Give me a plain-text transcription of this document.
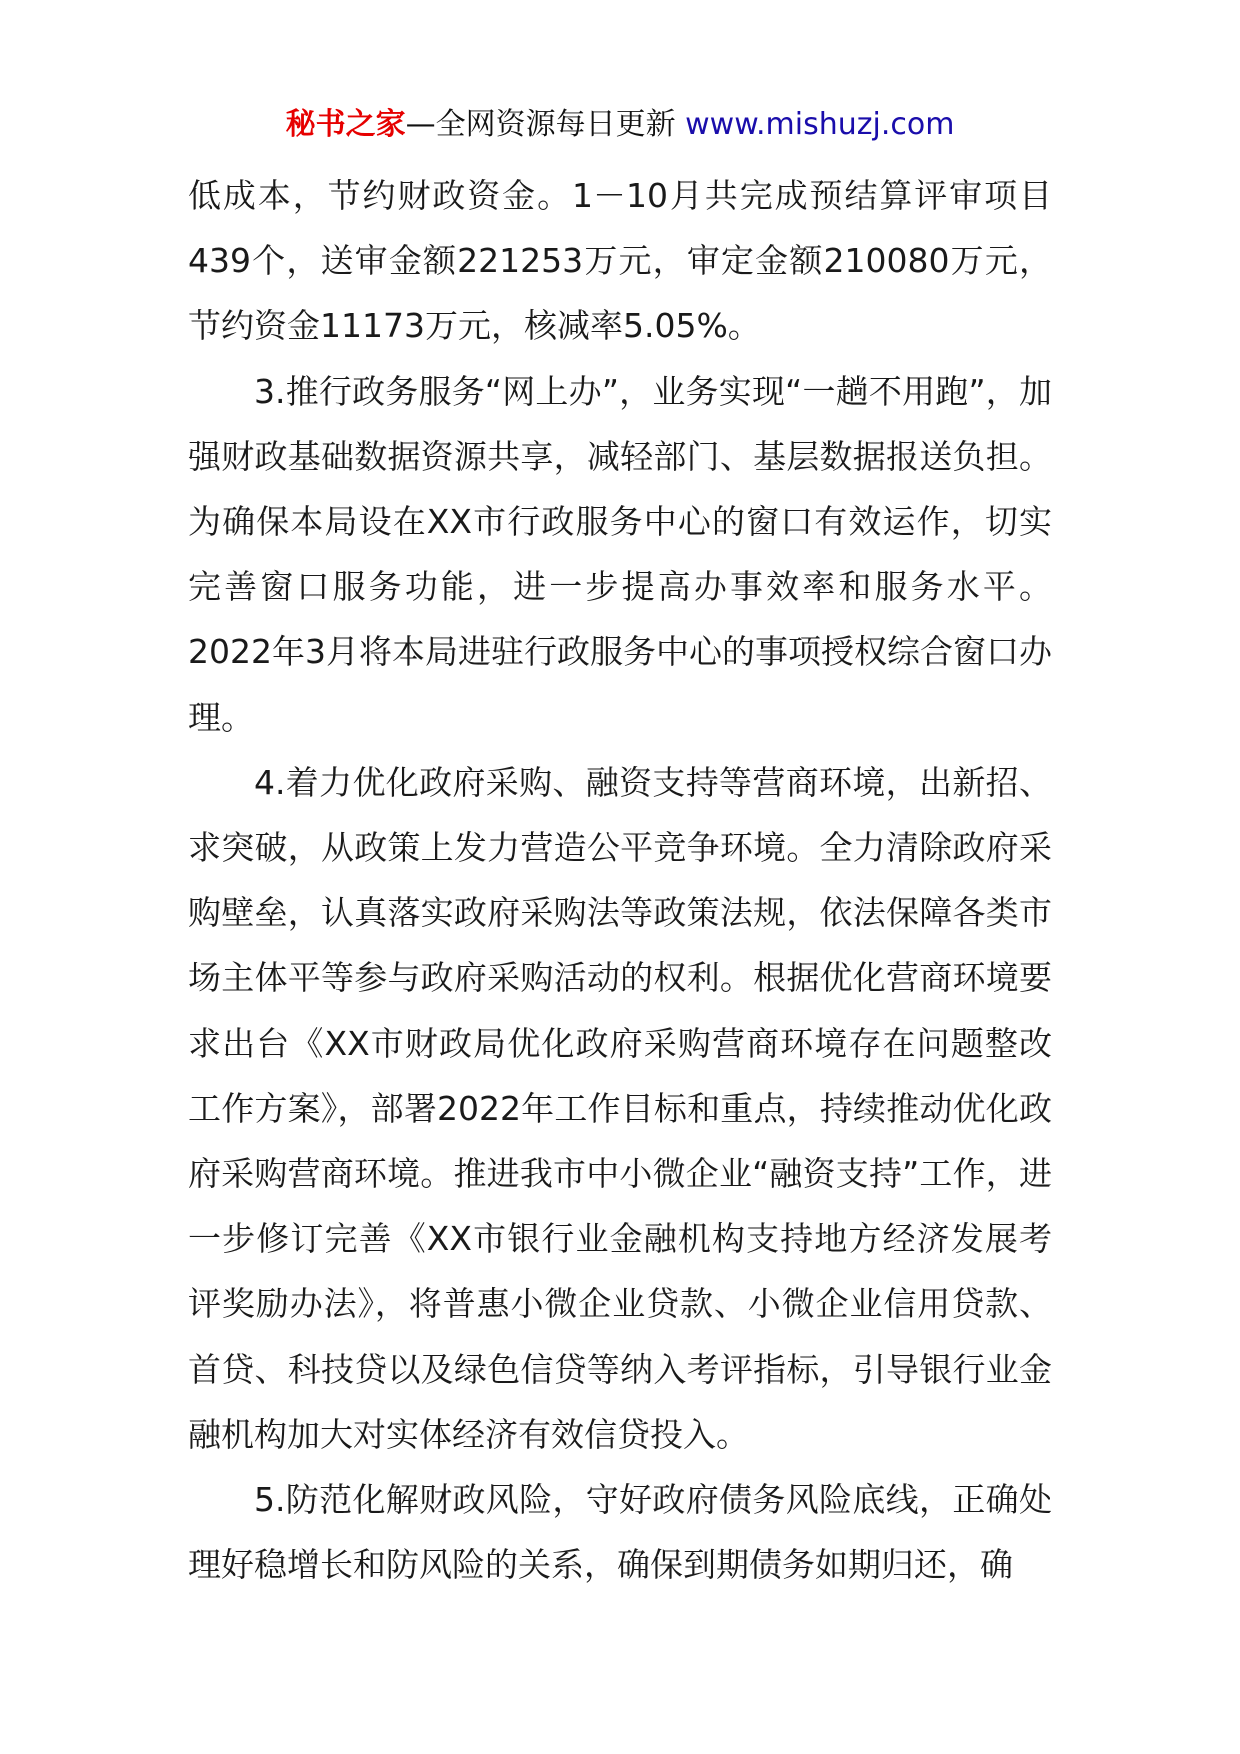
秘书之家—全网资源每日更新 www.mishuzj.com

低成本，节约财政资金。1－10月共完成预结算评审项目439个，送审金额221253万元，审定金额210080万元，节约资金11173万元，核减率5.05%。

3.推行政务服务“网上办”，业务实现“一趟不用跑”，加强财政基础数据资源共享，减轻部门、基层数据报送负担。为确保本局设在XX市行政服务中心的窗口有效运作，切实完善窗口服务功能，进一步提高办事效率和服务水平。2022年3月将本局进驻行政服务中心的事项授权综合窗口办理。

4.着力优化政府采购、融资支持等营商环境，出新招、求突破，从政策上发力营造公平竞争环境。全力清除政府采购壁垒，认真落实政府采购法等政策法规，依法保障各类市场主体平等参与政府采购活动的权利。根据优化营商环境要求出台《XX市财政局优化政府采购营商环境存在问题整改工作方案》，部署2022年工作目标和重点，持续推动优化政府采购营商环境。推进我市中小微企业“融资支持”工作，进一步修订完善《XX市银行业金融机构支持地方经济发展考评奖励办法》，将普惠小微企业贷款、小微企业信用贷款、首贷、科技贷以及绿色信贷等纳入考评指标，引导银行业金融机构加大对实体经济有效信贷投入。

5.防范化解财政风险，守好政府债务风险底线，正确处理好稳增长和防风险的关系，确保到期债务如期归还，确
